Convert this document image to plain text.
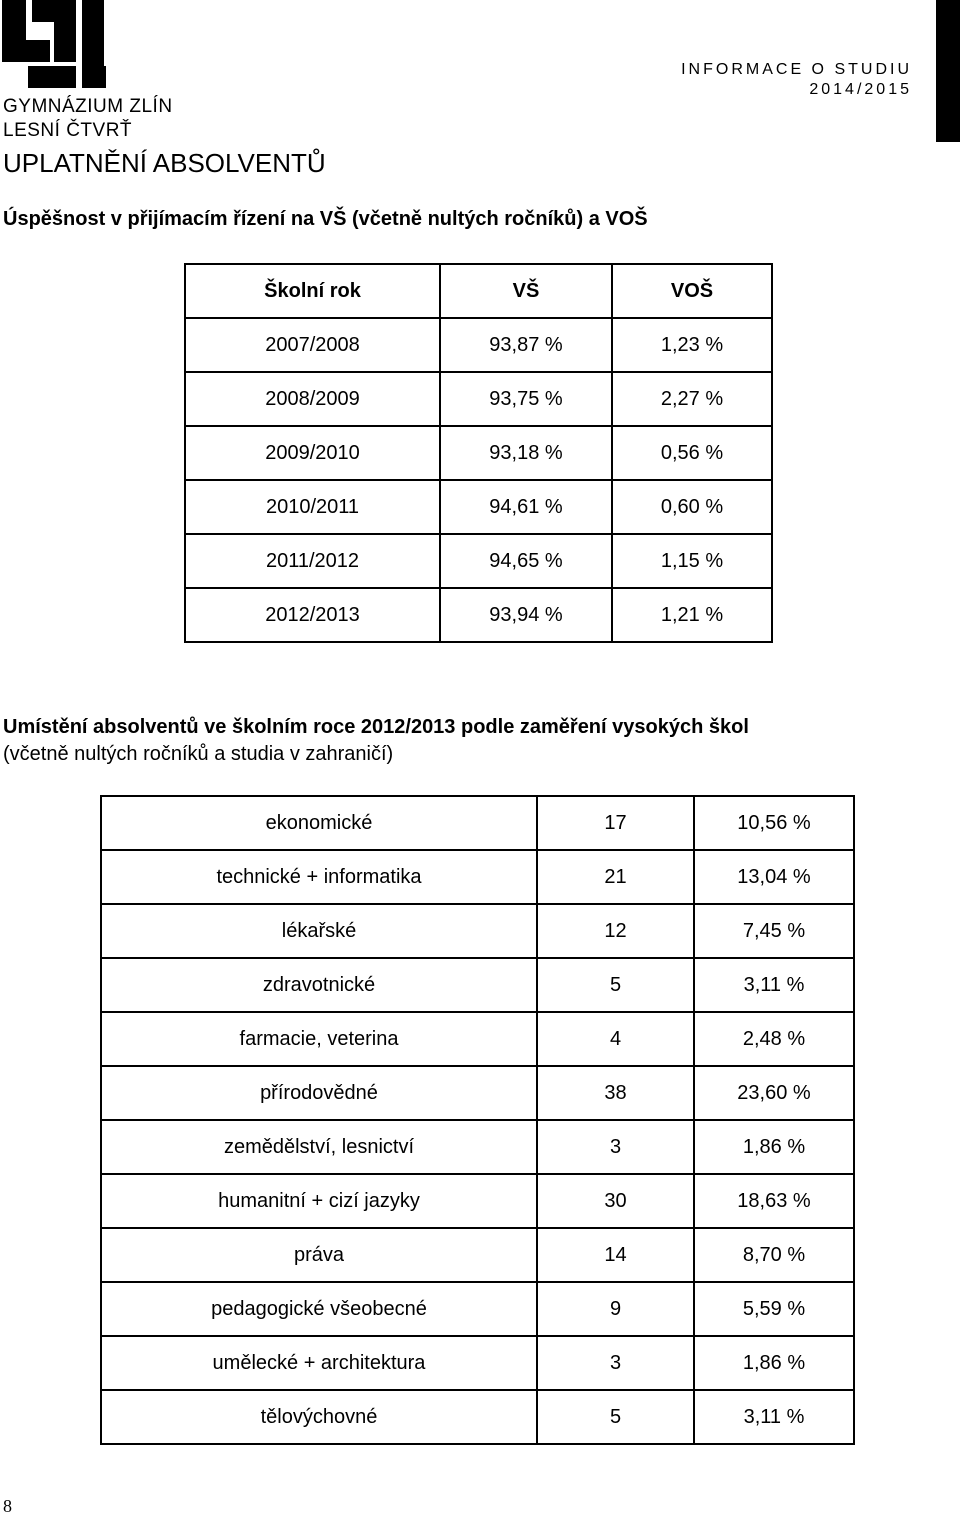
GYMNÁZIUM ZLÍN
LESNÍ ČTVRŤ
INFORMACE O STUDIU
2014/2015
UPLATNĚNÍ ABSOLVENTŮ
Úspěšnost v přijímacím řízení na VŠ (včetně nultých ročníků) a VOŠ
Školní rok	VŠ	VOŠ
2007/2008	93,87 %	1,23 %
2008/2009	93,75 %	2,27 %
2009/2010	93,18 %	0,56 %
2010/2011	94,61 %	0,60 %
2011/2012	94,65 %	1,15 %
2012/2013	93,94 %	1,21 %
Umístění absolventů ve školním roce 2012/2013 podle zaměření vysokých škol
(včetně nultých ročníků a studia v zahraničí)
ekonomické	17	10,56 %
technické + informatika	21	13,04 %
lékařské	12	7,45 %
zdravotnické	5	3,11 %
farmacie, veterina	4	2,48 %
přírodovědné	38	23,60 %
zemědělství, lesnictví	3	1,86 %
humanitní + cizí jazyky	30	18,63 %
práva	14	8,70 %
pedagogické všeobecné	9	5,59 %
umělecké + architektura	3	1,86 %
tělovýchovné	5	3,11 %
8
